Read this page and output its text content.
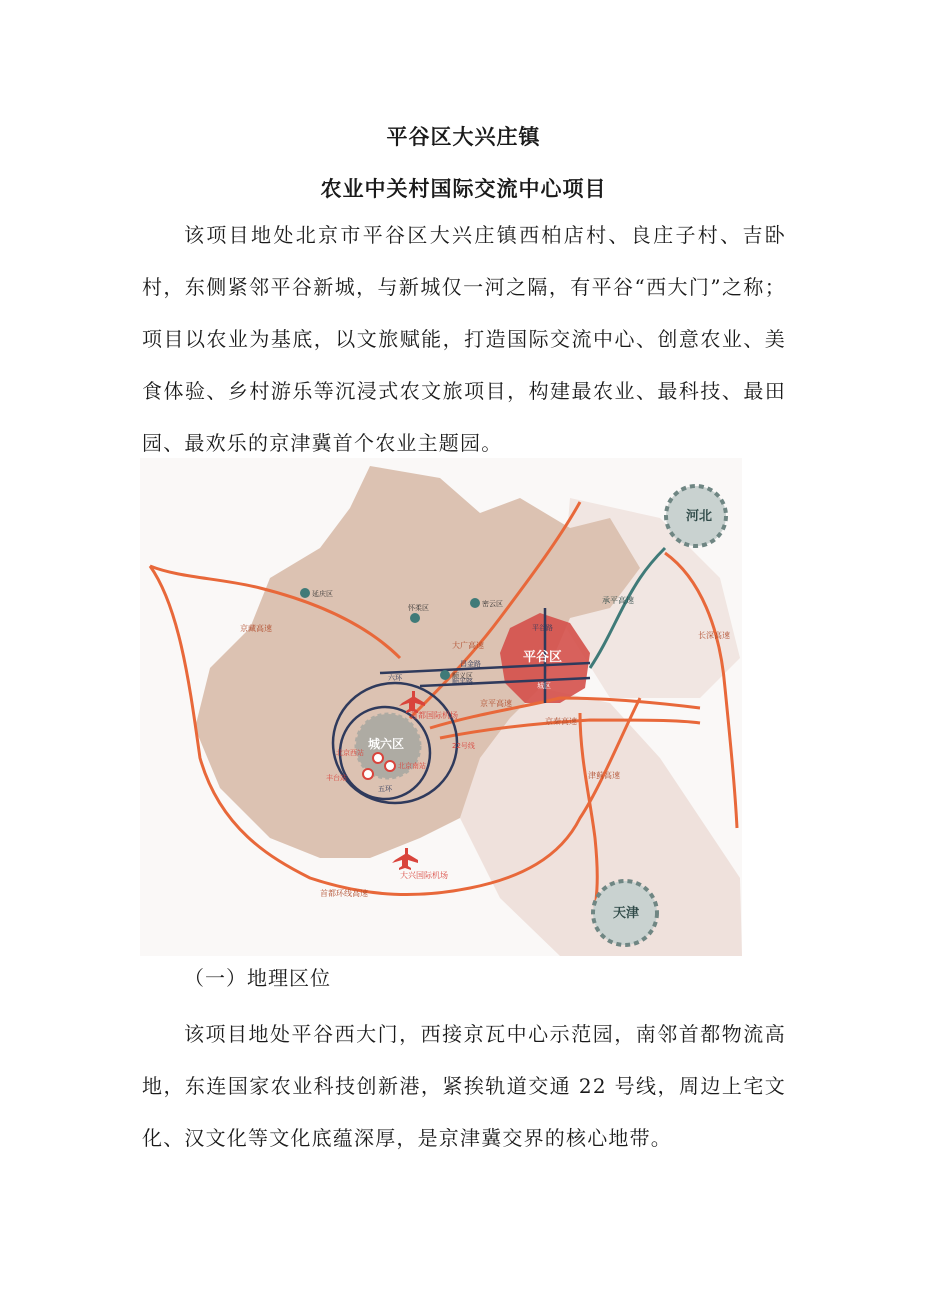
平谷区大兴庄镇
农业中关村国际交流中心项目
该项目地处北京市平谷区大兴庄镇西柏店村、良庄子村、吉卧村，东侧紧邻平谷新城，与新城仅一河之隔，有平谷“西大门”之称；项目以农业为基底，以文旅赋能，打造国际交流中心、创意农业、美食体验、乡村游乐等沉浸式农文旅项目，构建最农业、最科技、最田园、最欢乐的京津冀首个农业主题园。
河北
天津
平谷区
城六区
延庆区
怀柔区	密云区
顺义区
城区
京藏高速
大广高速
平谷路
六环
昌金路
顺平路
京平高速
首都国际机场
22号线
北京西站
北京南站
丰台站
五环
京秦高速
津蓟高速
长深高速
承平高速
大兴国际机场
首都环线高速
（一）地理区位
该项目地处平谷西大门，西接京瓦中心示范园，南邻首都物流高地，东连国家农业科技创新港，紧挨轨道交通 22 号线，周边上宅文化、汉文化等文化底蕴深厚，是京津冀交界的核心地带。
